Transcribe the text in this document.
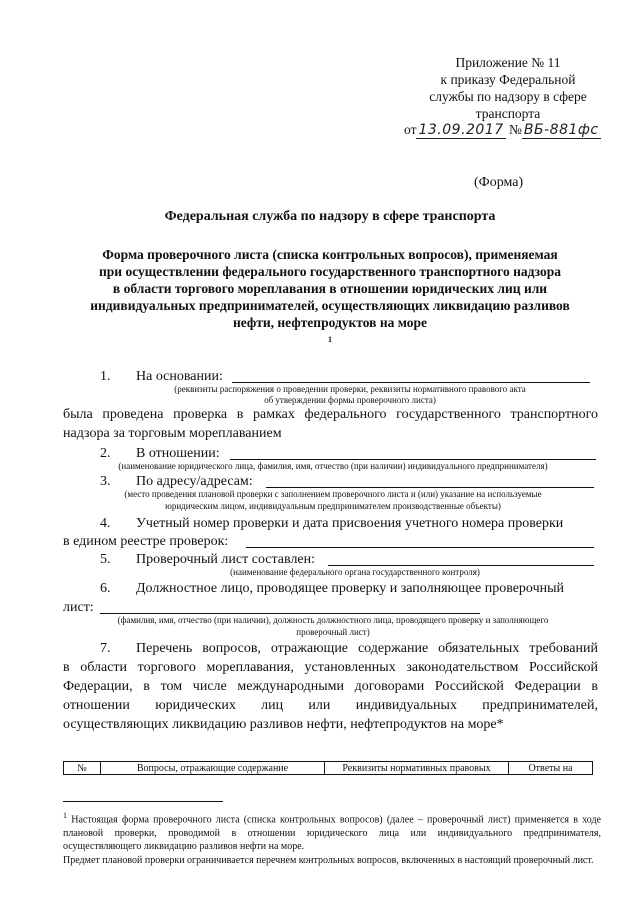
Приложение № 11
к приказу Федеральной
службы по надзору в сфере
транспорта
от 13.09.2017 № ВБ-881фс
(Форма)
Федеральная служба по надзору в сфере транспорта
Форма проверочного листа (списка контрольных вопросов), применяемая
при осуществлении федерального государственного транспортного надзора
в области торгового мореплавания в отношении юридических лиц или
индивидуальных предпринимателей, осуществляющих ликвидацию разливов
нефти, нефтепродуктов на море
$^1$
1. На основании:
(реквизиты распоряжения о проведении проверки, реквизиты нормативного правового акта
об утверждении формы проверочного листа)
была проведена проверка в рамках федерального государственного транспортного
надзора за торговым мореплаванием
2. В отношении:
(наименование юридического лица, фамилия, имя, отчество (при наличии) индивидуального предпринимателя)
3. По адресу/адресам:
(место проведения плановой проверки с заполнением проверочного листа и (или) указание на используемые
юридическим лицом, индивидуальным предпринимателем производственные объекты)
4. Учетный номер проверки и дата присвоения учетного номера проверки
в едином реестре проверок:
5. Проверочный лист составлен:
(наименование федерального органа государственного контроля)
6. Должностное лицо, проводящее проверку и заполняющее проверочный
лист:
(фамилия, имя, отчество (при наличии), должность должностного лица, проводящего проверку и заполняющего
проверочный лист)
7. Перечень вопросов, отражающие содержание обязательных требований
в области торгового мореплавания, установленных законодательством Российской
Федерации, в том числе международными договорами Российской Федерации в
отношении юридических лиц или индивидуальных предпринимателей,
осуществляющих ликвидацию разливов нефти, нефтепродуктов на море*
№	Вопросы, отражающие содержание	Реквизиты нормативных правовых	Ответы на

$^1$ Настоящая форма проверочного листа (списка контрольных вопросов) (далее – проверочный лист) применяется в ходе плановой проверки, проводимой в отношении юридического лица или индивидуального предпринимателя, осуществляющего ликвидацию разливов нефти на море.

Предмет плановой проверки ограничивается перечнем контрольных вопросов, включенных в настоящий проверочный лист.
